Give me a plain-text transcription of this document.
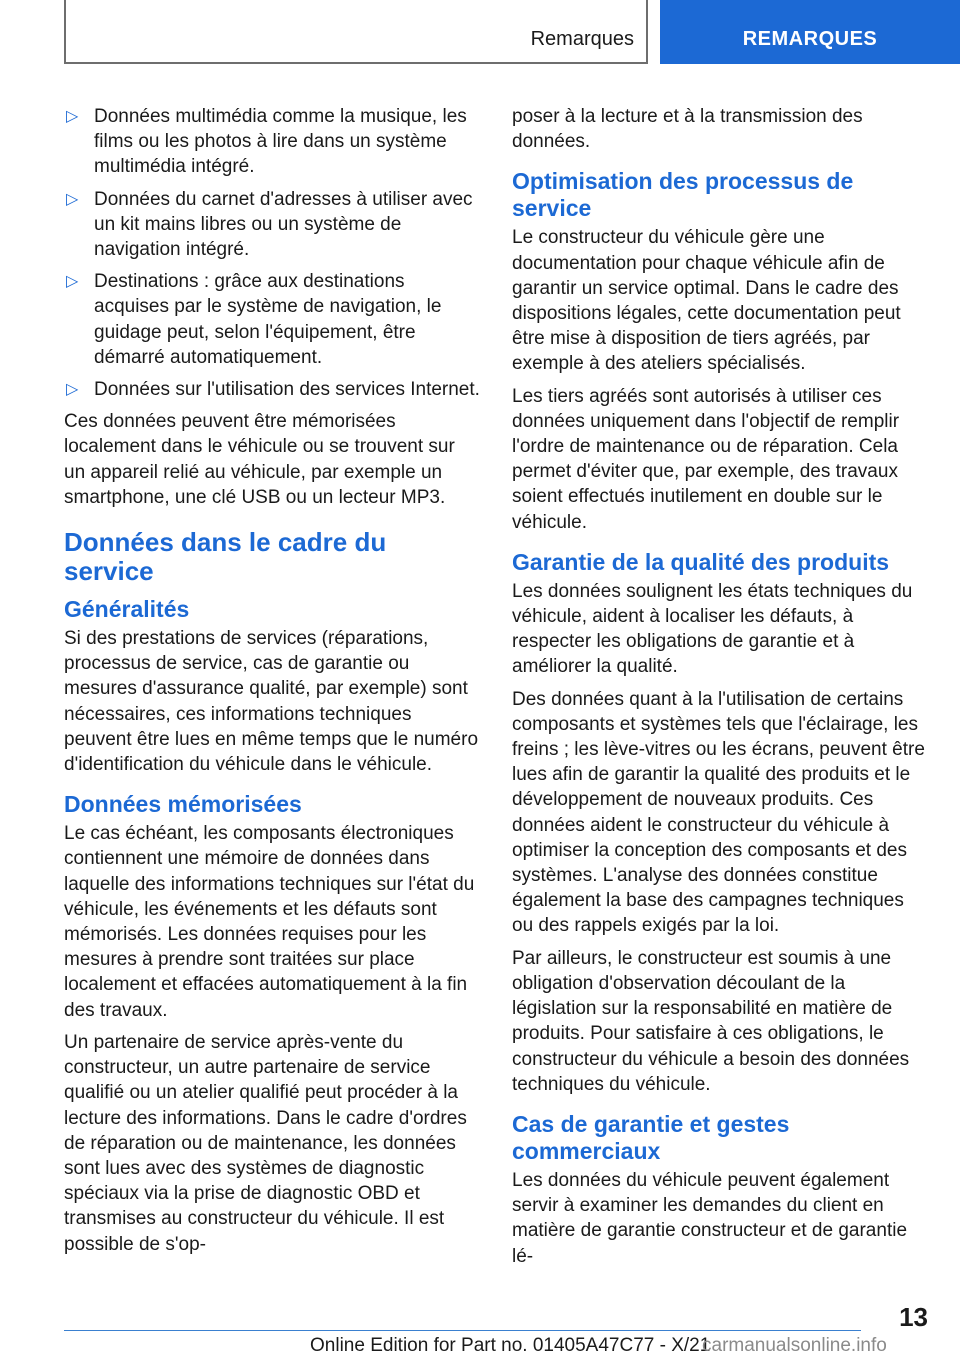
Remarques	REMARQUES
▷ Données multimédia comme la musique, les films ou les photos à lire dans un système multimédia intégré.
▷ Données du carnet d'adresses à utiliser avec un kit mains libres ou un système de navigation intégré.
▷ Destinations : grâce aux destinations acquises par le système de navigation, le guidage peut, selon l'équipement, être démarré automatiquement.
▷ Données sur l'utilisation des services Internet.

Ces données peuvent être mémorisées localement dans le véhicule ou se trouvent sur un appareil relié au véhicule, par exemple un smartphone, une clé USB ou un lecteur MP3.

Données dans le cadre du service
Généralités

Si des prestations de services (réparations, processus de service, cas de garantie ou mesures d'assurance qualité, par exemple) sont nécessaires, ces informations techniques peuvent être lues en même temps que le numéro d'identification du véhicule dans le véhicule.

Données mémorisées

Le cas échéant, les composants électroniques contiennent une mémoire de données dans laquelle des informations techniques sur l'état du véhicule, les événements et les défauts sont mémorisés. Les données requises pour les mesures à prendre sont traitées sur place localement et effacées automatiquement à la fin des travaux.

Un partenaire de service après-vente du constructeur, un autre partenaire de service qualifié ou un atelier qualifié peut procéder à la lecture des informations. Dans le cadre d'ordres de réparation ou de maintenance, les données sont lues avec des systèmes de diagnostic spéciaux via la prise de diagnostic OBD et transmises au constructeur du véhicule. Il est possible de s'op-

poser à la lecture et à la transmission des données.

Optimisation des processus de service

Le constructeur du véhicule gère une documentation pour chaque véhicule afin de garantir un service optimal. Dans le cadre des dispositions légales, cette documentation peut être mise à disposition de tiers agréés, par exemple à des ateliers spécialisés.

Les tiers agréés sont autorisés à utiliser ces données uniquement dans l'objectif de remplir l'ordre de maintenance ou de réparation. Cela permet d'éviter que, par exemple, des travaux soient effectués inutilement en double sur le véhicule.

Garantie de la qualité des produits

Les données soulignent les états techniques du véhicule, aident à localiser les défauts, à respecter les obligations de garantie et à améliorer la qualité.

Des données quant à la l'utilisation de certains composants et systèmes tels que l'éclairage, les freins ; les lève-vitres ou les écrans, peuvent être lues afin de garantir la qualité des produits et le développement de nouveaux produits. Ces données aident le constructeur du véhicule à optimiser la conception des composants et des systèmes. L'analyse des données constitue également la base des campagnes techniques ou des rappels exigés par la loi.

Par ailleurs, le constructeur est soumis à une obligation d'observation découlant de la législation sur la responsabilité en matière de produits. Pour satisfaire à ces obligations, le constructeur du véhicule a besoin des données techniques du véhicule.

Cas de garantie et gestes commerciaux

Les données du véhicule peuvent également servir à examiner les demandes du client en matière de garantie constructeur et de garantie lé-

13
Online Edition for Part no. 01405A47C77 - X/21
carmanualsonline.info
